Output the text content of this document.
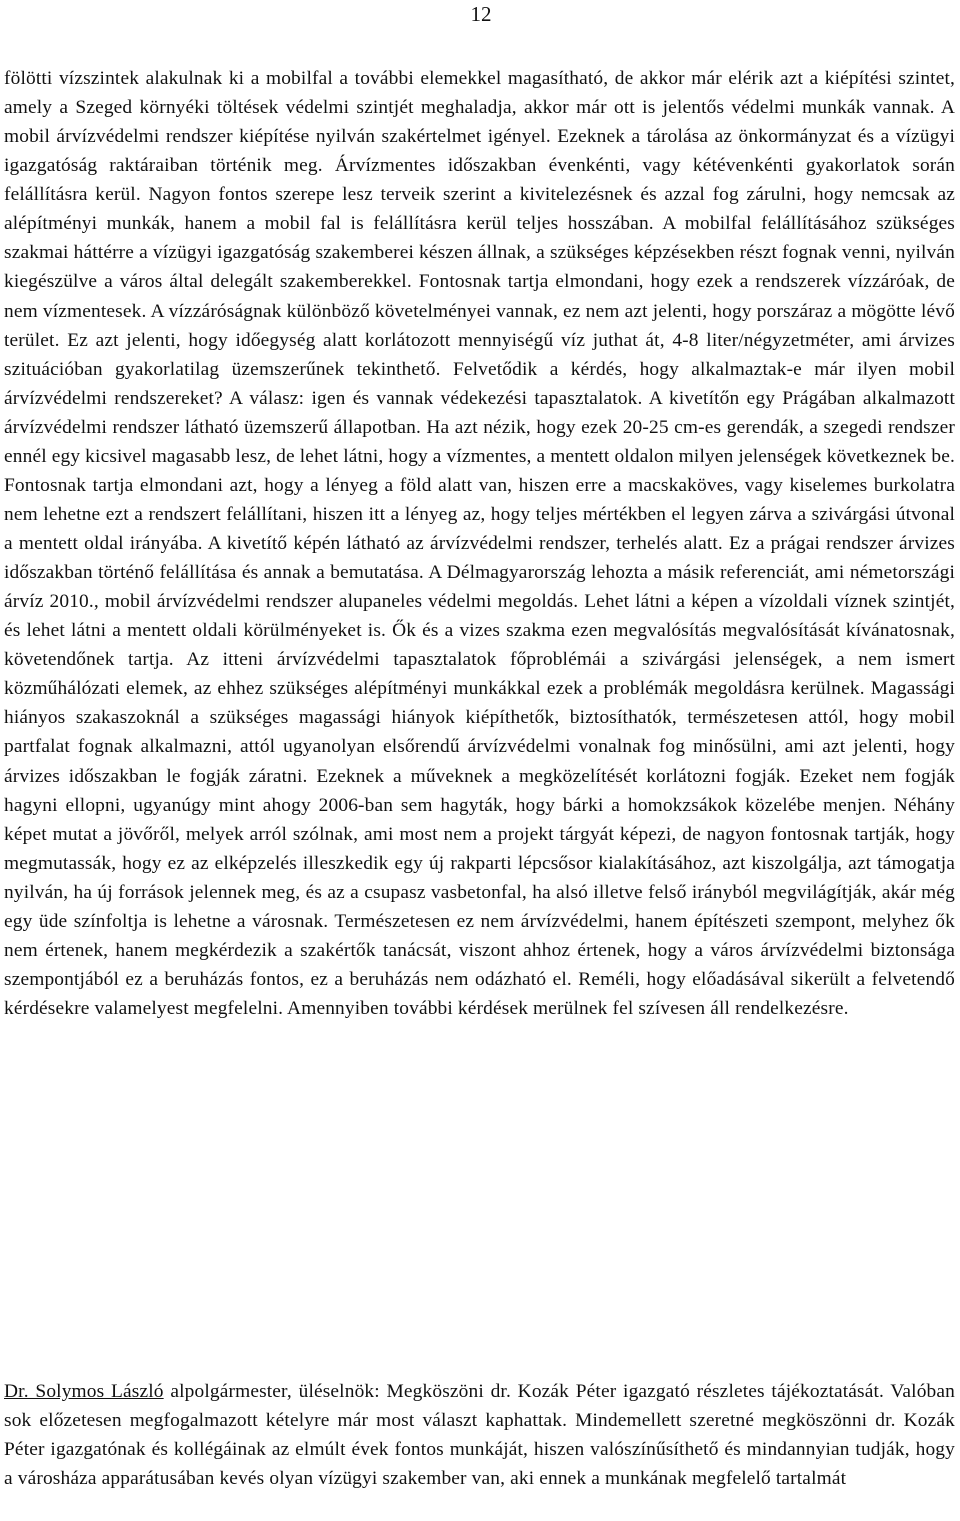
12

fölötti vízszintek alakulnak ki a mobilfal a további elemekkel magasítható, de akkor már elérik azt a kiépítési szintet, amely a Szeged környéki töltések védelmi szintjét meghaladja, akkor már ott is jelentős védelmi munkák vannak. A mobil árvízvédelmi rendszer kiépítése nyilván szakértelmet igényel. Ezeknek a tárolása az önkormányzat és a vízügyi igazgatóság raktáraiban történik meg. Árvízmentes időszakban évenkénti, vagy kétévenkénti gyakorlatok során felállításra kerül. Nagyon fontos szerepe lesz terveik szerint a kivitelezésnek és azzal fog zárulni, hogy nemcsak az alépítményi munkák, hanem a mobil fal is felállításra kerül teljes hosszában. A mobilfal felállításához szükséges szakmai háttérre a vízügyi igazgatóság szakemberei készen állnak, a szükséges képzésekben részt fognak venni, nyilván kiegészülve a város által delegált szakemberekkel. Fontosnak tartja elmondani, hogy ezek a rendszerek vízzáróak, de nem vízmentesek. A vízzáróságnak különböző követelményei vannak, ez nem azt jelenti, hogy porszáraz a mögötte lévő terület. Ez azt jelenti, hogy időegység alatt korlátozott mennyiségű víz juthat át, 4-8 liter/négyzetméter, ami árvizes szituációban gyakorlatilag üzemszerűnek tekinthető. Felvetődik a kérdés, hogy alkalmaztak-e már ilyen mobil árvízvédelmi rendszereket? A válasz: igen és vannak védekezési tapasztalatok. A kivetítőn egy Prágában alkalmazott árvízvédelmi rendszer látható üzemszerű állapotban. Ha azt nézik, hogy ezek 20-25 cm-es gerendák, a szegedi rendszer ennél egy kicsivel magasabb lesz, de lehet látni, hogy a vízmentes, a mentett oldalon milyen jelenségek következnek be. Fontosnak tartja elmondani azt, hogy a lényeg a föld alatt van, hiszen erre a macskaköves, vagy kiselemes burkolatra nem lehetne ezt a rendszert felállítani, hiszen itt a lényeg az, hogy teljes mértékben el legyen zárva a szivárgási útvonal a mentett oldal irányába. A kivetítő képén látható az árvízvédelmi rendszer, terhelés alatt. Ez a prágai rendszer árvizes időszakban történő felállítása és annak a bemutatása. A Délmagyarország lehozta a másik referenciát, ami németországi árvíz 2010., mobil árvízvédelmi rendszer alupaneles védelmi megoldás. Lehet látni a képen a vízoldali víznek szintjét, és lehet látni a mentett oldali körülményeket is. Ők és a vizes szakma ezen megvalósítás megvalósítását kívánatosnak, követendőnek tartja. Az itteni árvízvédelmi tapasztalatok főproblémái a szivárgási jelenségek, a nem ismert közműhálózati elemek, az ehhez szükséges alépítményi munkákkal ezek a problémák megoldásra kerülnek. Magassági hiányos szakaszoknál a szükséges magassági hiányok kiépíthetők, biztosíthatók, természetesen attól, hogy mobil partfalat fognak alkalmazni, attól ugyanolyan elsőrendű árvízvédelmi vonalnak fog minősülni, ami azt jelenti, hogy árvizes időszakban le fogják záratni. Ezeknek a műveknek a megközelítését korlátozni fogják. Ezeket nem fogják hagyni ellopni, ugyanúgy mint ahogy 2006-ban sem hagyták, hogy bárki a homokzsákok közelébe menjen. Néhány képet mutat a jövőről, melyek arról szólnak, ami most nem a projekt tárgyát képezi, de nagyon fontosnak tartják, hogy megmutassák, hogy ez az elképzelés illeszkedik egy új rakparti lépcsősor kialakításához, azt kiszolgálja, azt támogatja nyilván, ha új források jelennek meg, és az a csupasz vasbetonfal, ha alsó illetve felső irányból megvilágítják, akár még egy üde színfoltja is lehetne a városnak. Természetesen ez nem árvízvédelmi, hanem építészeti szempont, melyhez ők nem értenek, hanem megkérdezik a szakértők tanácsát, viszont ahhoz értenek, hogy a város árvízvédelmi biztonsága szempontjából ez a beruházás fontos, ez a beruházás nem odázható el. Reméli, hogy előadásával sikerült a felvetendő kérdésekre valamelyest megfelelni. Amennyiben további kérdések merülnek fel szívesen áll rendelkezésre.

Dr. Solymos László alpolgármester, üléselnök: Megköszöni dr. Kozák Péter igazgató részletes tájékoztatását. Valóban sok előzetesen megfogalmazott kételyre már most választ kaphattak. Mindemellett szeretné megköszönni dr. Kozák Péter igazgatónak és kollégáinak az elmúlt évek fontos munkáját, hiszen valószínűsíthető és mindannyian tudják, hogy a városháza apparátusában kevés olyan vízügyi szakember van, aki ennek a munkának megfelelő tartalmát
